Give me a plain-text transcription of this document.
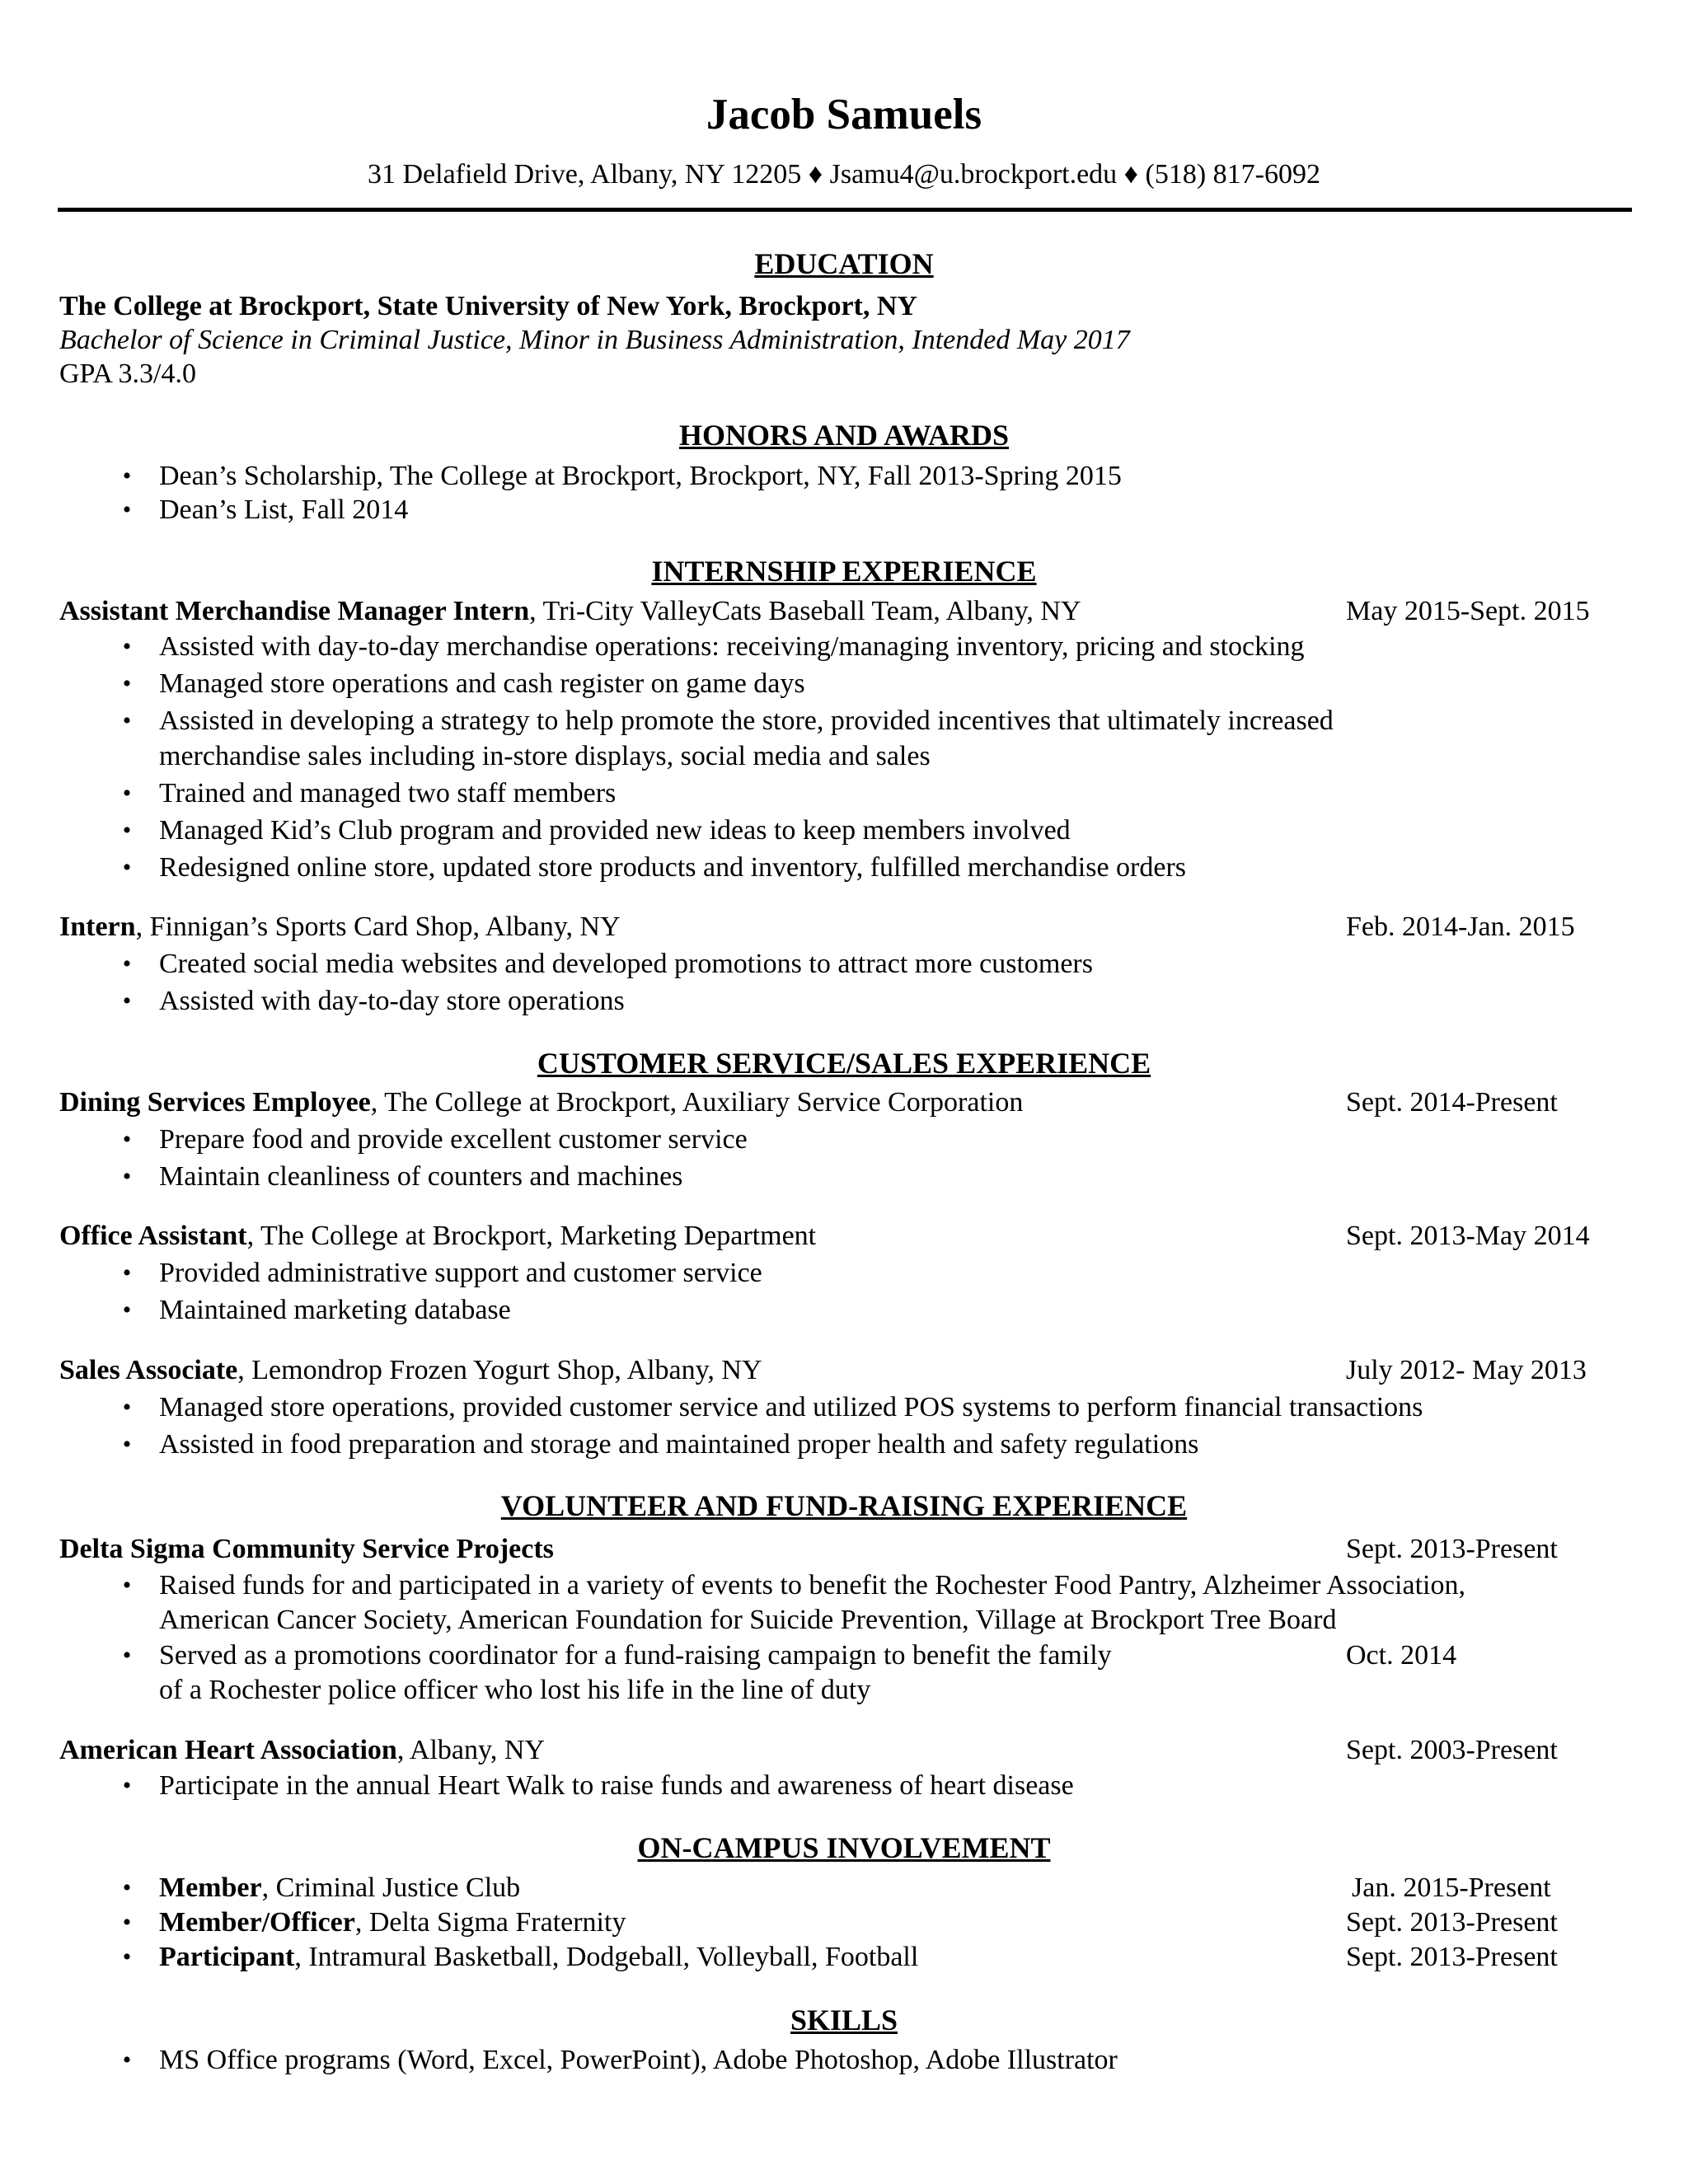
Jacob Samuels
31 Delafield Drive, Albany, NY 12205 ♦ Jsamu4@u.brockport.edu ♦ (518) 817-6092
EDUCATION
The College at Brockport, State University of New York, Brockport, NY
Bachelor of Science in Criminal Justice, Minor in Business Administration, Intended May 2017
GPA 3.3/4.0
HONORS AND AWARDS
• Dean’s Scholarship, The College at Brockport, Brockport, NY, Fall 2013-Spring 2015
• Dean’s List, Fall 2014
INTERNSHIP EXPERIENCE
Assistant Merchandise Manager Intern, Tri-City ValleyCats Baseball Team, Albany, NY	May 2015-Sept. 2015
• Assisted with day-to-day merchandise operations: receiving/managing inventory, pricing and stocking
• Managed store operations and cash register on game days
• Assisted in developing a strategy to help promote the store, provided incentives that ultimately increased
merchandise sales including in-store displays, social media and sales
• Trained and managed two staff members
• Managed Kid’s Club program and provided new ideas to keep members involved
• Redesigned online store, updated store products and inventory, fulfilled merchandise orders
Intern, Finnigan’s Sports Card Shop, Albany, NY	Feb. 2014-Jan. 2015
• Created social media websites and developed promotions to attract more customers
• Assisted with day-to-day store operations
CUSTOMER SERVICE/SALES EXPERIENCE
Dining Services Employee, The College at Brockport, Auxiliary Service Corporation	Sept. 2014-Present
• Prepare food and provide excellent customer service
• Maintain cleanliness of counters and machines
Office Assistant, The College at Brockport, Marketing Department	Sept. 2013-May 2014
• Provided administrative support and customer service
• Maintained marketing database
Sales Associate, Lemondrop Frozen Yogurt Shop, Albany, NY	July 2012- May 2013
• Managed store operations, provided customer service and utilized POS systems to perform financial transactions
• Assisted in food preparation and storage and maintained proper health and safety regulations
VOLUNTEER AND FUND-RAISING EXPERIENCE
Delta Sigma Community Service Projects	Sept. 2013-Present
• Raised funds for and participated in a variety of events to benefit the Rochester Food Pantry, Alzheimer Association,
American Cancer Society, American Foundation for Suicide Prevention, Village at Brockport Tree Board
• Served as a promotions coordinator for a fund-raising campaign to benefit the family	Oct. 2014
of a Rochester police officer who lost his life in the line of duty
American Heart Association, Albany, NY	Sept. 2003-Present
• Participate in the annual Heart Walk to raise funds and awareness of heart disease
ON-CAMPUS INVOLVEMENT
• Member, Criminal Justice Club	Jan. 2015-Present
• Member/Officer, Delta Sigma Fraternity	Sept. 2013-Present
• Participant, Intramural Basketball, Dodgeball, Volleyball, Football	Sept. 2013-Present
SKILLS
• MS Office programs (Word, Excel, PowerPoint), Adobe Photoshop, Adobe Illustrator
